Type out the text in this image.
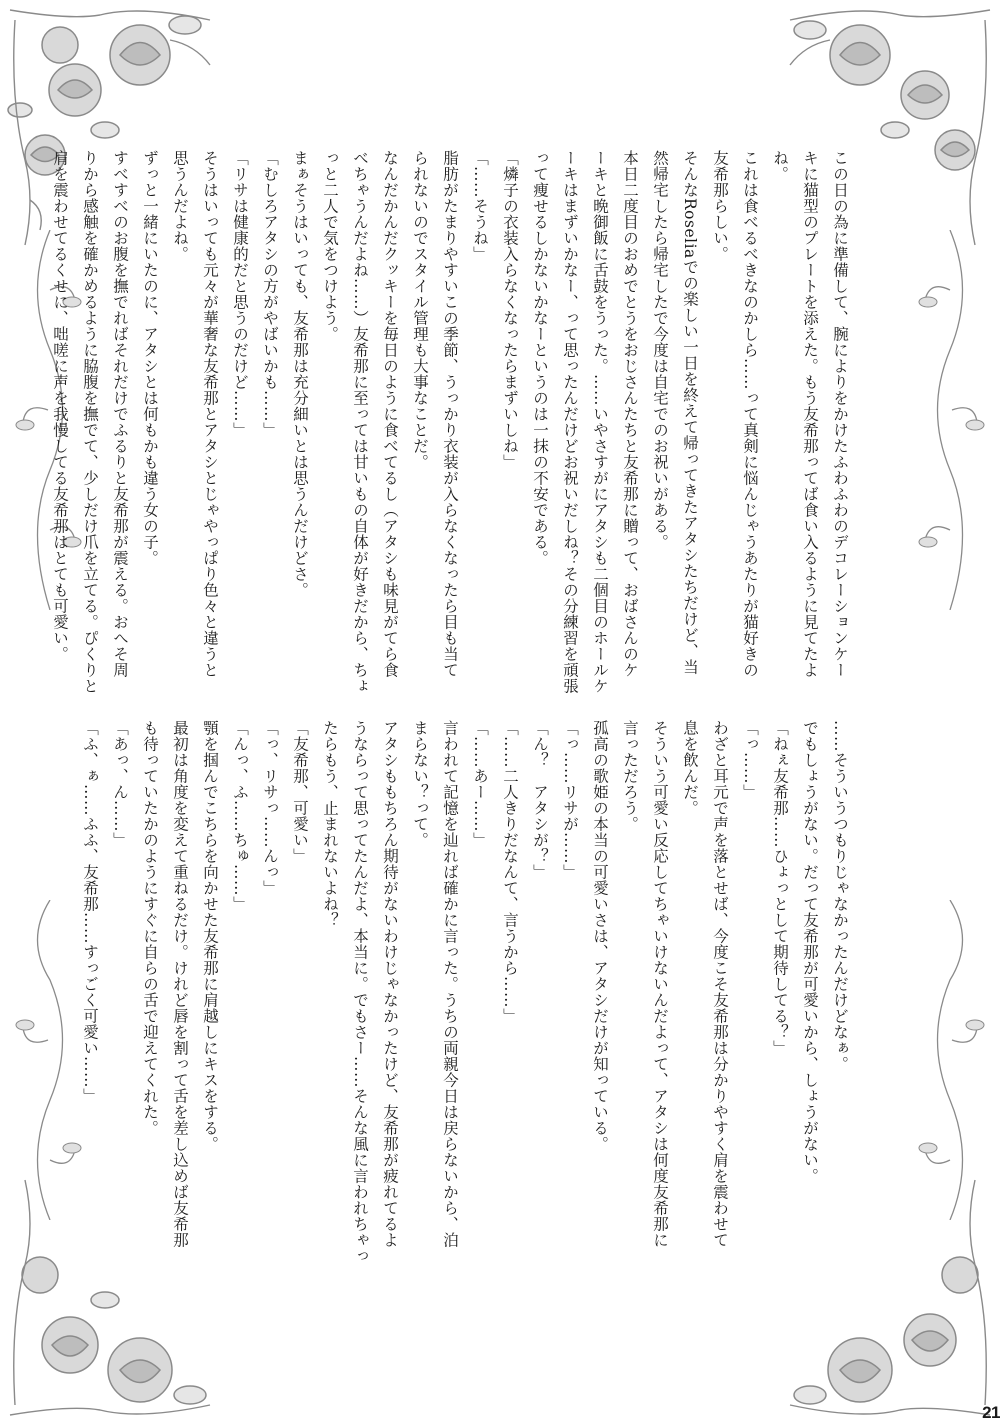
この日の為に準備して、腕によりをかけたふわふわのデコレーションケー

キに猫型のプレートを添えた。もう友希那ってば食い入るように見てたよね。

これは食べるべきなのかしら……って真剣に悩んじゃうあたりが猫好きの

友希那らしい。

そんなRoseliaでの楽しい一日を終えて帰ってきたアタシたちだけど、当

然帰宅したら帰宅したで今度は自宅でのお祝いがある。

本日二度目のおめでとうをおじさんたちと友希那に贈って、おばさんのケ

ーキと晩御飯に舌鼓をうった。……いやさすがにアタシも二個目のホールケ

ーキはまずいかなー、って思ったんだけどお祝いだしね？その分練習を頑張

って痩せるしかないかなーというのは一抹の不安である。

「燐子の衣装入らなくなったらまずいしね」

「……そうね」

脂肪がたまりやすいこの季節、うっかり衣装が入らなくなったら目も当て

られないのでスタイル管理も大事なことだ。

なんだかんだクッキーを毎日のように食べてるし（アタシも味見がてら食

べちゃうんだよね……）友希那に至っては甘いもの自体が好きだから、ちょ

っと二人で気をつけよう。

まぁそうはいっても、友希那は充分細いとは思うんだけどさ。

「むしろアタシの方がやばいかも……」

「リサは健康的だと思うのだけど……」

そうはいっても元々が華奢な友希那とアタシとじゃやっぱり色々と違うと

思うんだよね。

ずっと一緒にいたのに、アタシとは何もかも違う女の子。

すべすべのお腹を撫でればそれだけでふるりと友希那が震える。おへそ周

りから感触を確かめるように脇腹を撫でて、少しだけ爪を立てる。ぴくりと

肩を震わせてるくせに、咄嗟に声を我慢してる友希那はとても可愛い。

……そういうつもりじゃなかったんだけどなぁ。

でもしょうがない。だって友希那が可愛いから、しょうがない。

「ねぇ友希那……ひょっとして期待してる？」

「っ……」

わざと耳元で声を落とせば、今度こそ友希那は分かりやすく肩を震わせて

息を飲んだ。

そういう可愛い反応してちゃいけないんだよって、アタシは何度友希那に

言っただろう。

孤高の歌姫の本当の可愛いさは、アタシだけが知っている。

「っ……リサが……」

「ん？　アタシが？」

「……二人きりだなんて、言うから……」

「……あー……」

言われて記憶を辿れば確かに言った。うちの両親今日は戻らないから、泊

まらない？って。

アタシももちろん期待がないわけじゃなかったけど、友希那が疲れてるよ

うならって思ってたんだよ、本当に。でもさー……そんな風に言われちゃっ

たらもう、止まれないよね？

「友希那、可愛い」

「っ、リサっ……んっ」

「んっ、ふ……ちゅ……」

顎を掴んでこちらを向かせた友希那に肩越しにキスをする。

最初は角度を変えて重ねるだけ。けれど唇を割って舌を差し込めば友希那

も待っていたかのようにすぐに自らの舌で迎えてくれた。

「あっ、ん……」

「ふ、ぁ……ふふ、友希那……すっごく可愛い……」

21
